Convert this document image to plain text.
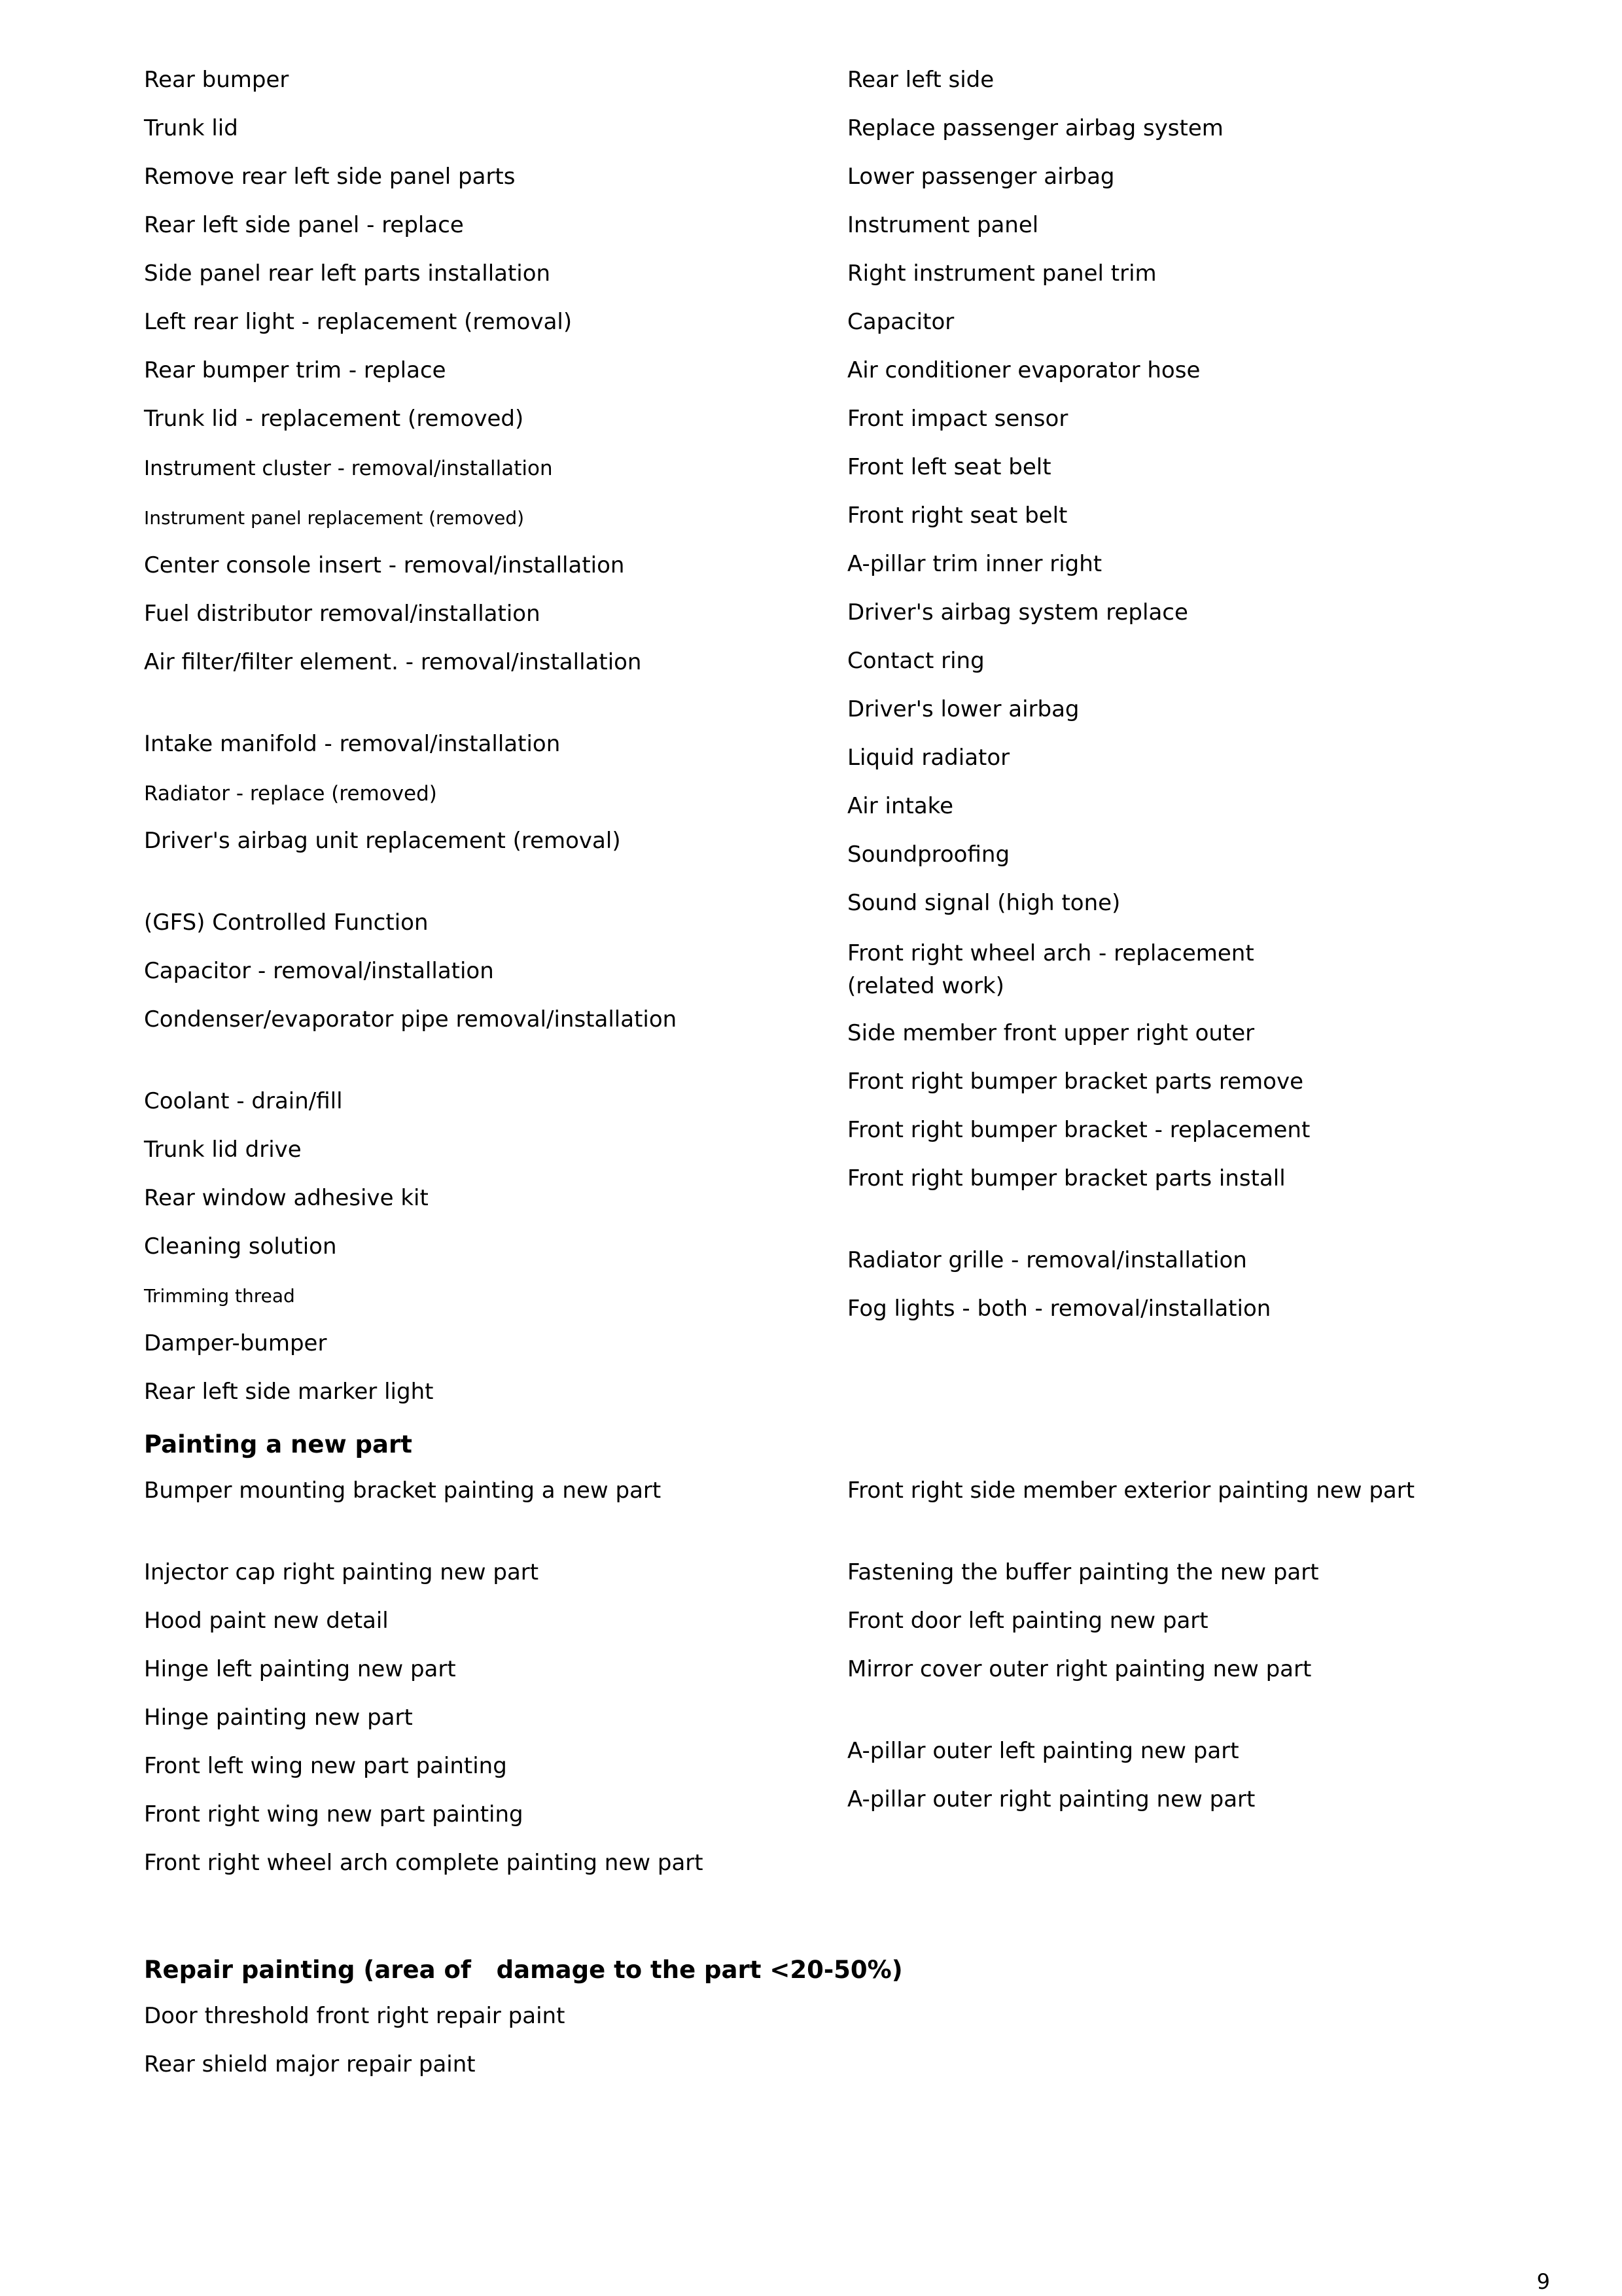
Rear bumper
Trunk lid
Remove rear left side panel parts
Rear left side panel - replace
Side panel rear left parts installation
Left rear light - replacement (removal)
Rear bumper trim - replace
Trunk lid - replacement (removed)
Instrument cluster - removal/installation
Instrument panel replacement (removed)
Center console insert - removal/installation
Fuel distributor removal/installation
Air filter/filter element. - removal/installation
Intake manifold - removal/installation
Radiator - replace (removed)
Driver's airbag unit replacement (removal)
(GFS) Controlled Function
Capacitor - removal/installation
Condenser/evaporator pipe removal/installation
Coolant - drain/fill
Trunk lid drive
Rear window adhesive kit
Cleaning solution
Trimming thread
Damper-bumper
Rear left side marker light
Rear left side
Replace passenger airbag system
Lower passenger airbag
Instrument panel
Right instrument panel trim
Capacitor
Air conditioner evaporator hose
Front impact sensor
Front left seat belt
Front right seat belt
A-pillar trim inner right
Driver's airbag system replace
Contact ring
Driver's lower airbag
Liquid radiator
Air intake
Soundproofing
Sound signal (high tone)
Front right wheel arch - replacement (related work)
Side member front upper right outer
Front right bumper bracket parts remove
Front right bumper bracket - replacement
Front right bumper bracket parts install
Radiator grille - removal/installation
Fog lights - both - removal/installation
Painting a new part
Bumper mounting bracket painting a new part
Injector cap right painting new part
Hood paint new detail
Hinge left painting new part
Hinge painting new part
Front left wing new part painting
Front right wing new part painting
Front right wheel arch complete painting new part
Front right side member exterior painting new part
Fastening the buffer painting the new part
Front door left painting new part
Mirror cover outer right painting new part
A-pillar outer left painting new part
A-pillar outer right painting new part
Repair painting (area of   damage to the part <20-50%)
Door threshold front right repair paint
Rear shield major repair paint
9
